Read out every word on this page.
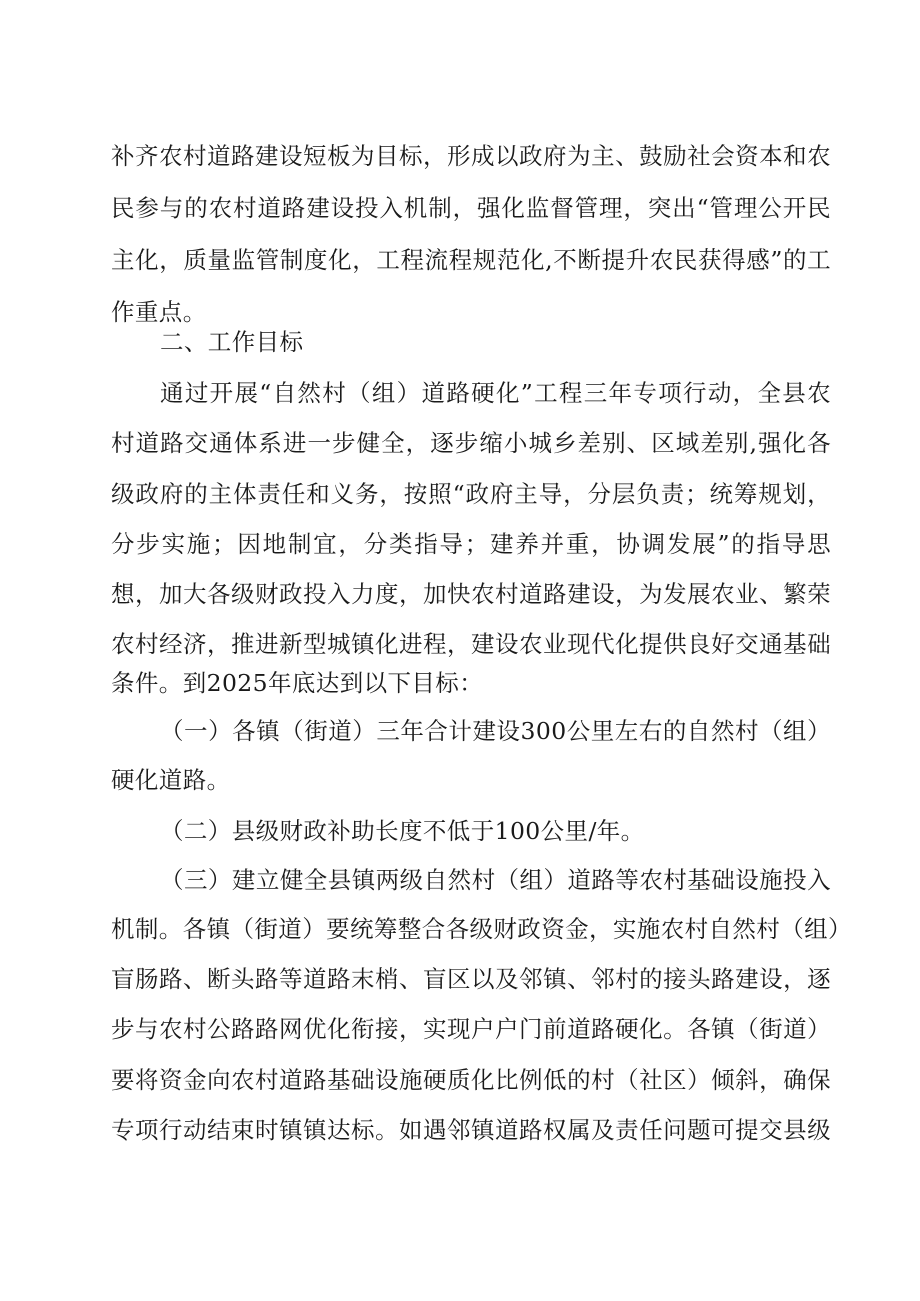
补齐农村道路建设短板为目标，形成以政府为主、鼓励社会资本和农
民参与的农村道路建设投入机制，强化监督管理，突出“管理公开民
主化，质量监管制度化，工程流程规范化,不断提升农民获得感”的工
作重点。
二、工作目标
通过开展“自然村（组）道路硬化”工程三年专项行动，全县农
村道路交通体系进一步健全，逐步缩小城乡差别、区域差别,强化各
级政府的主体责任和义务，按照“政府主导，分层负责；统筹规划，
分步实施；因地制宜，分类指导；建养并重，协调发展”的指导思
想，加大各级财政投入力度，加快农村道路建设，为发展农业、繁荣
农村经济，推进新型城镇化进程，建设农业现代化提供良好交通基础
条件。到2025年底达到以下目标：
（一）各镇（街道）三年合计建设300公里左右的自然村（组）
硬化道路。
（二）县级财政补助长度不低于100公里/年。
（三）建立健全县镇两级自然村（组）道路等农村基础设施投入
机制。各镇（街道）要统筹整合各级财政资金，实施农村自然村（组）
盲肠路、断头路等道路末梢、盲区以及邻镇、邻村的接头路建设，逐
步与农村公路路网优化衔接，实现户户门前道路硬化。各镇（街道）
要将资金向农村道路基础设施硬质化比例低的村（社区）倾斜，确保
专项行动结束时镇镇达标。如遇邻镇道路权属及责任问题可提交县级
